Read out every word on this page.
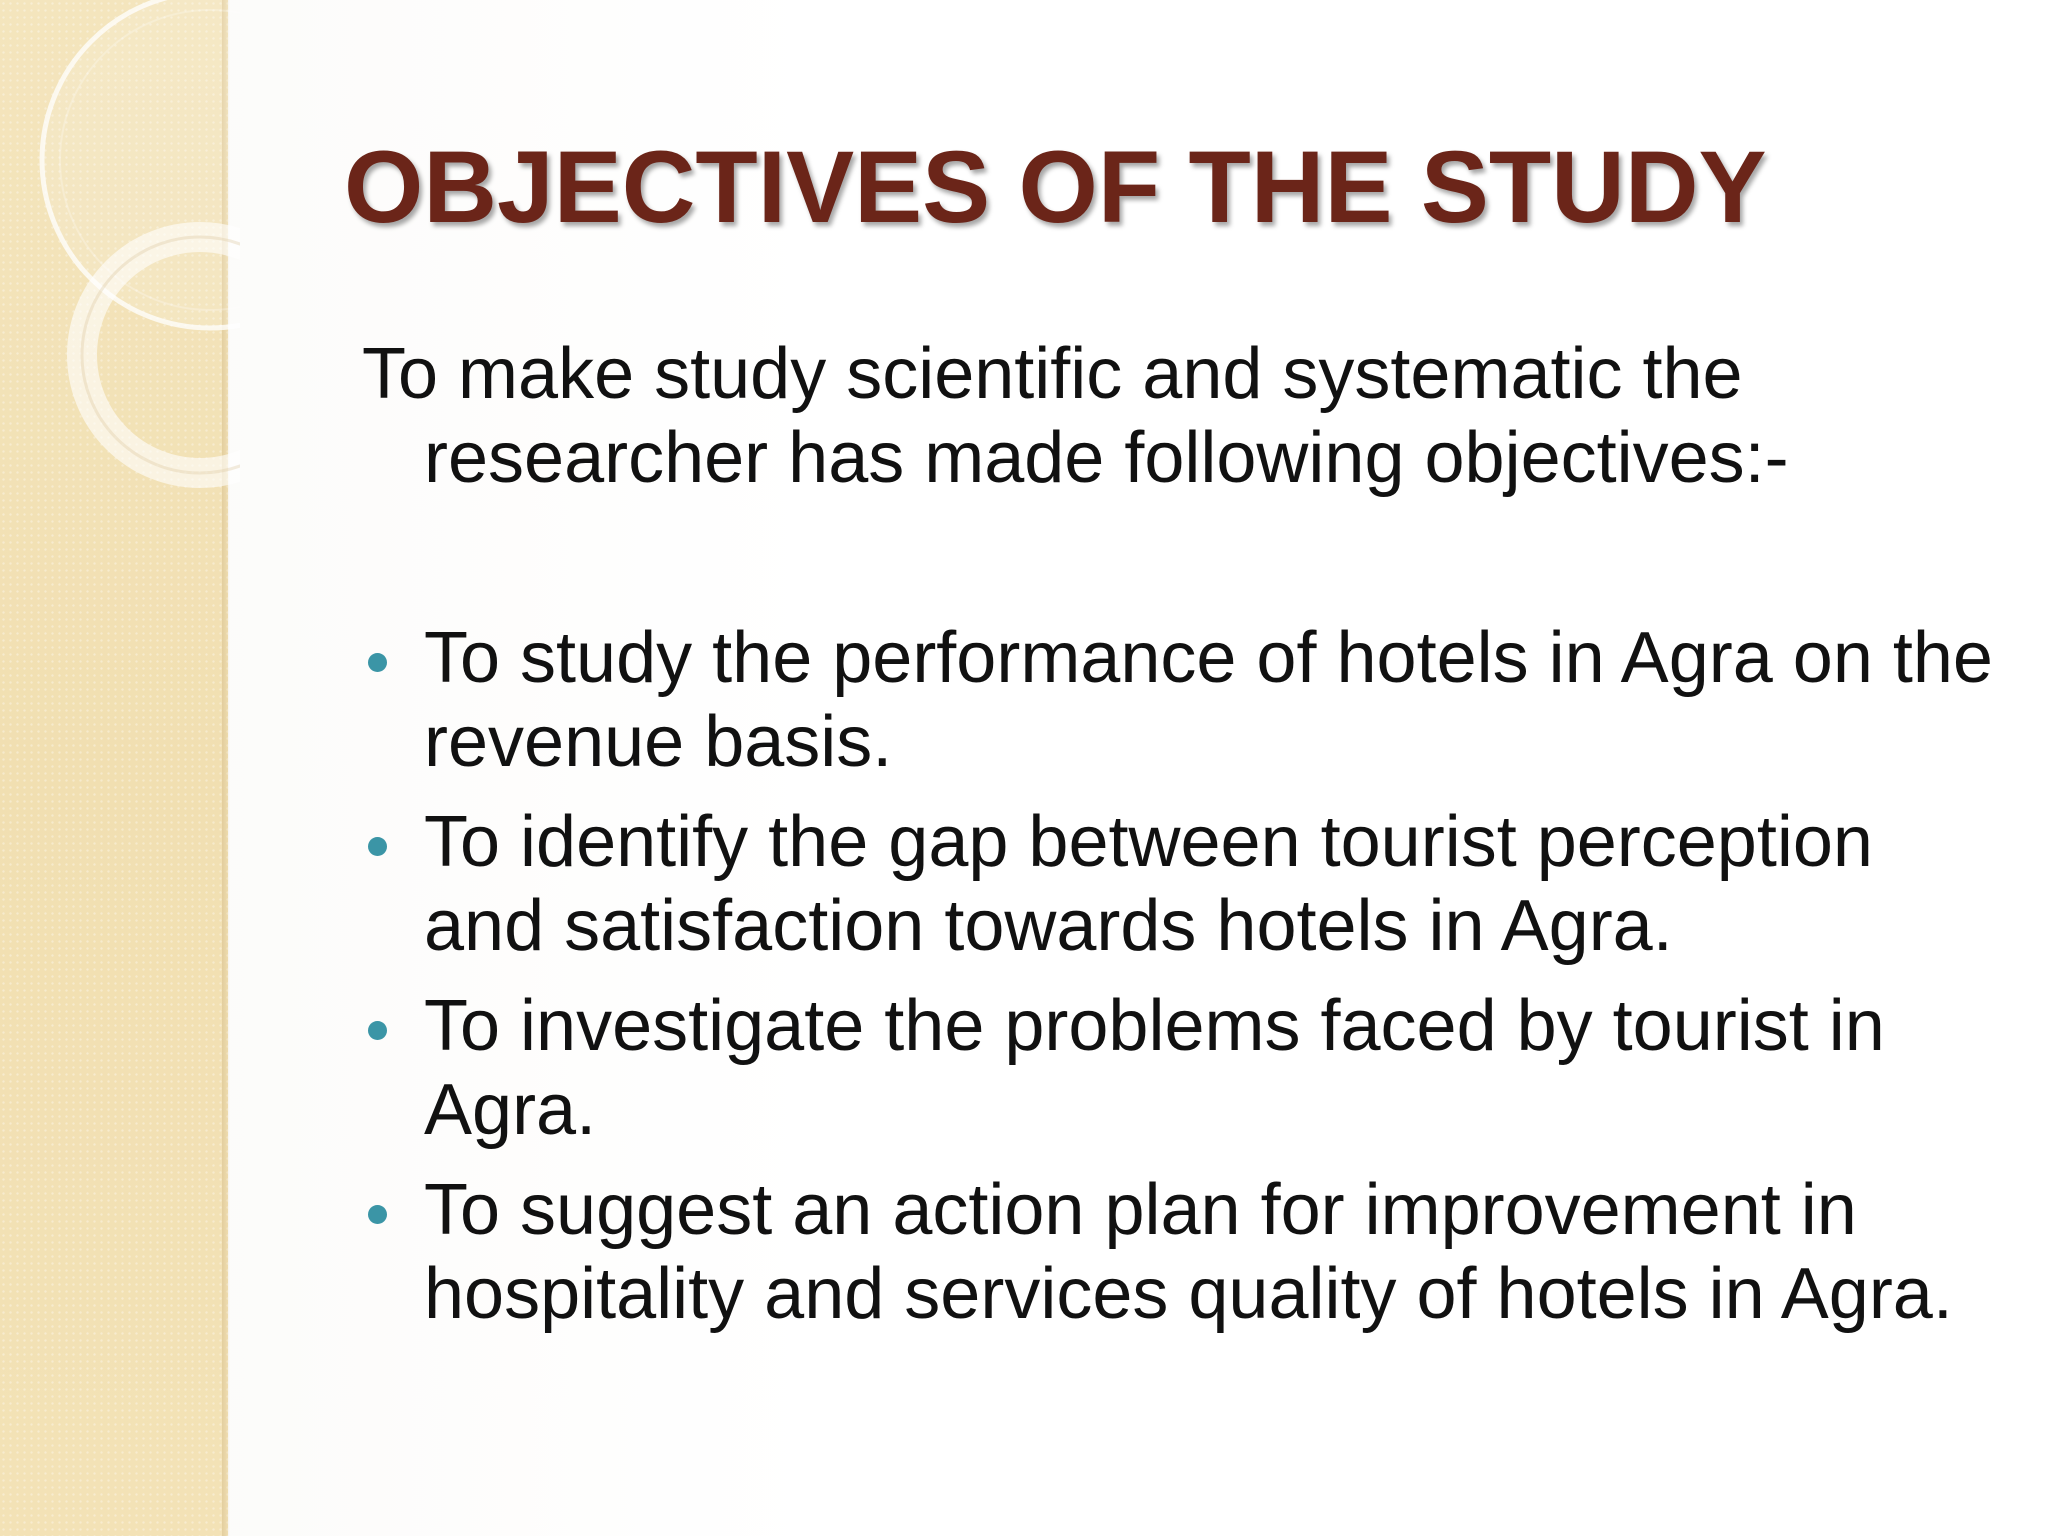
OBJECTIVES OF THE STUDY

To make study scientific and systematic the researcher has made following objectives:-

To study the performance of hotels in Agra on the revenue basis.
To identify the gap between tourist perception and satisfaction towards hotels in Agra.
To investigate the problems faced by tourist in Agra.
To suggest an action plan for improvement in hospitality and services quality of hotels in Agra.
